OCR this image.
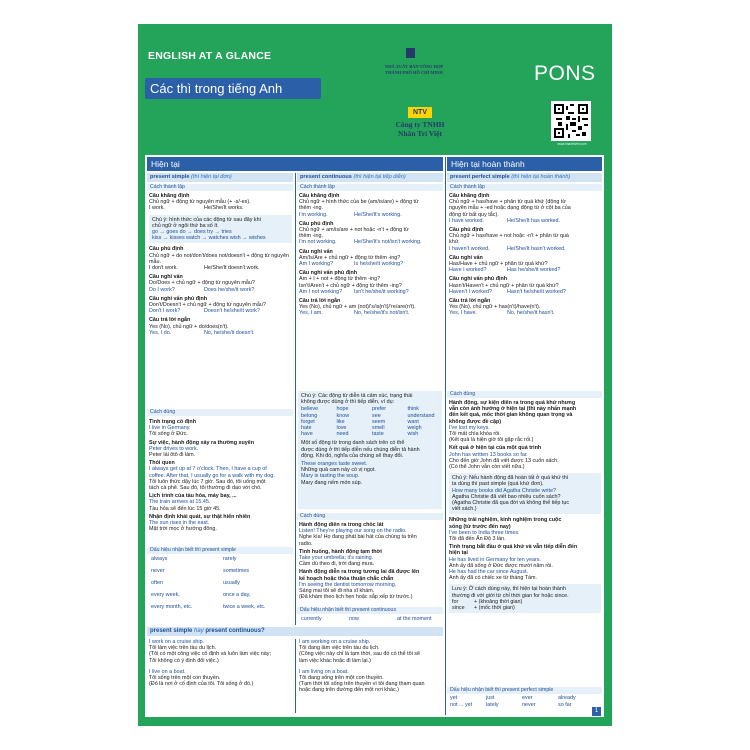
ENGLISH AT A GLANCE
Các thì trong tiếng Anh
NHÀ XUẤT BẢN TỔNG HỢP
THÀNH PHỐ HỒ CHÍ MINH
NTV
Công ty TNHH
Nhân Trí Việt
PONS
www.nhantriviet.com
Hiện tại	Hiện tại hoàn thành
present simple (thì hiện tại đơn)
Cách thành lập

Câu khẳng định

Chủ ngữ + động từ nguyên mẫu (+ -s/-es).

I work.	He/She/It works.

Chú ý: hình thức của các động từ sau đây khi

chủ ngữ ở ngôi thứ ba số ít.

go → goes do → does try → tries

kiss → kisses watch → watches wish → wishes

Câu phủ định

Chủ ngữ + do not/don't/does not/doesn't + động từ nguyên mẫu.

I don't work.	He/She/It doesn't work.

Câu nghi vấn

Do/Does + chủ ngữ + động từ nguyên mẫu?

Do I work?	Does he/she/it work?

Câu nghi vấn phủ định

Don't/Doesn't + chủ ngữ + động từ nguyên mẫu?

Don't I work?	Doesn't he/she/it work?

Câu trả lời ngắn

Yes (No), chủ ngữ + do/does(n't).

Yes, I do.	No, he/she/it doesn't.

Cách dùng

Tình trạng cố định

I live in Germany.

Tôi sống ở Đức.

Sự việc, hành động xảy ra thường xuyên

Peter drives to work.

Peter lái ôtô đi làm.

Thói quen

I always get up at 7 o'clock. Then, I have a cup of

coffee. After that, I usually go for a walk with my dog.

Tôi luôn thức dậy lúc 7 giờ. Sau đó, tôi uống một

tách cà phê. Sau đó, tôi thường đi dạo với chó.

Lịch trình của tàu hỏa, máy bay, ...

The train arrives at 15.45.

Tàu hỏa sẽ đến lúc 15 giờ 45.

Nhận định khái quát, sự thật hiển nhiên

The sun rises in the east.

Mặt trời mọc ở hướng đông.

Dấu hiệu nhận biết thì present simple
always	rarely
never	sometimes
often	usually
every week,	once a day,
every month, etc.	twice a week, etc.
present continuous (thì hiện tại tiếp diễn)
Cách thành lập

Câu khẳng định

Chủ ngữ + hình thức của be (am/is/are) + động từ

thêm -ing.

I'm working.	He/She/It's working.

Câu phủ định

Chủ ngữ + am/is/are + not hoặc -n't + động từ

thêm -ing.

I'm not working.	He/She/It's not/isn't working.

Câu nghi vấn

Am/Is/Are + chủ ngữ + động từ thêm -ing?

Am I working?	Is he/she/it working?

Câu nghi vấn phủ định

Am + I + not + động từ thêm -ing?

Isn't/Aren't + chủ ngữ + động từ thêm -ing?

Am I not working? Isn't he/she/it working?

Câu trả lời ngắn

Yes (No), chủ ngữ + am (not)/'s/is(n't)/'re/are(n't).

Yes, I am.	No, he/she/it's not/isn't.

Chú ý: Các động từ diễn tả cảm xúc, trạng thái

không được dùng ở thì tiếp diễn, ví dụ:

believe	hope	prefer	think
belong	know	see	understand
forget	like	seem	want
hate	love	smell	weigh
have	need	taste	wish

Một số động từ trong danh sách trên có thể

được dùng ở thì tiếp diễn nếu chúng diễn tả hành

động. Khi đó, nghĩa của chúng sẽ thay đổi.

These oranges taste sweet.

Những quả cam này có vị ngọt.

Mary is tasting the soup.

Mary đang nếm món súp.

Cách dùng

Hành động diễn ra trong chốc lát

Listen! They're playing our song on the radio.

Nghe kìa! Họ đang phát bài hát của chúng ta trên

radio.

Tình huống, hành động tạm thời

Take your umbrella; it's raining.

Cầm dù theo đi, trời đang mưa.

Hành động diễn ra trong tương lai đã được lên

kế hoạch hoặc thỏa thuận chắc chắn

I'm seeing the dentist tomorrow morning.

Sáng mai tôi sẽ đi nha sĩ khám.

(Đã khám theo lịch hẹn hoặc sắp xếp từ trước.)

Dấu hiệu nhận biết thì present continuous
currently	now	at the moment
present simple hay present continuous?

I work on a cruise ship.

Tôi làm việc trên tàu du lịch.

(Tôi có một công việc cố định và luôn làm việc này;

Tôi không có ý định đổi việc.)

I live on a boat.

Tôi sống trên một con thuyền.

(Đó là nơi ở cố định của tôi. Tôi sống ở đó.)

I am working on a cruise ship.

Tôi đang làm việc trên tàu du lịch.

(Công việc này chỉ là tạm thời, sau đó có thể tôi sẽ

làm việc khác hoặc đi làm lại.)

I am living on a boat.

Tôi đang sống trên một con thuyền.

(Tạm thời tôi sống trên thuyền vì tôi đang tham quan

hoặc đang trên đường đến một nơi khác.)

present perfect simple (thì hiện tại hoàn thành)
Cách thành lập

Câu khẳng định

Chủ ngữ + has/have + phân từ quá khứ (động từ

nguyên mẫu + -ed hoặc dạng động từ ở cột ba của

động từ bất quy tắc).

I have worked.	He/She/It has worked.

Câu phủ định

Chủ ngữ + has/have + not hoặc -n't + phân từ quá

khứ.

I haven't worked.	He/She/It hasn't worked.

Câu nghi vấn

Has/Have + chủ ngữ + phân từ quá khứ?

Have I worked?	Has he/she/it worked?

Câu nghi vấn phủ định

Hasn't/Haven't + chủ ngữ + phân từ quá khứ?

Haven't I worked?	Hasn't he/she/it worked?

Câu trả lời ngắn

Yes (No), chủ ngữ + has(n't)/have(n't).

Yes, I have.	No, he/she/it hasn't.

Cách dùng

Hành động, sự kiện diễn ra trong quá khứ nhưng

vẫn còn ảnh hưởng ở hiện tại (thì này nhấn mạnh

đến kết quả, mốc thời gian không quan trọng và

không được đề cập)

I've lost my keys.

Tôi mất chìa khóa rồi.

(Kết quả là hiện giờ tôi gặp rắc rối.)

Kết quả ở hiện tại của một quá trình

John has written 13 books so far.

Cho đến giờ John đã viết được 13 cuốn sách.

(Có thể John vẫn còn viết nữa.)

Chú ý: Nếu hành động đã hoàn tất ở quá khứ thì

ta dùng thì past simple (quá khứ đơn).

How many books did Agatha Christie write?

Agatha Christie đã viết bao nhiêu cuốn sách?

(Agatha Christie đã qua đời và không thể tiếp tục

viết sách.)

Những trải nghiệm, kinh nghiệm trong cuộc

sống (từ trước đến nay)

I've been to India three times.

Tôi đã đến Ấn Độ 3 lần.

Tình trạng bắt đầu ở quá khứ và vẫn tiếp diễn đến

hiện tại

He has lived in Germany for ten years.

Anh ấy đã sống ở Đức được mười năm rồi.

He has had the car since August.

Anh ấy đã có chiếc xe từ tháng Tám.

Lưu ý: Ở cách dùng này, thì hiện tại hoàn thành

thường đi với giới từ chỉ thời gian for hoặc since.

for	+ (khoảng thời gian)

since + (mốc thời gian)

Dấu hiệu nhận biết thì present perfect simple
yet	just	ever	already
not ... yet	lately	never	so far
1
